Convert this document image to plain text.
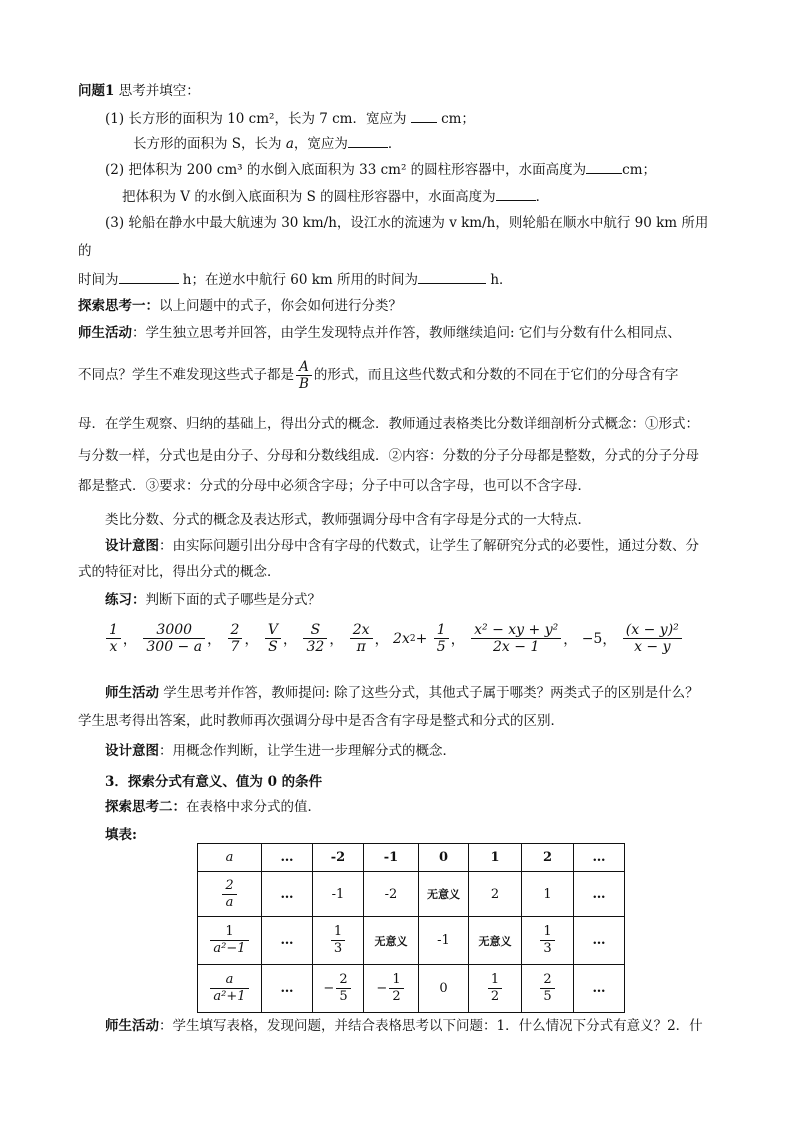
问题1 思考并填空：
(1) 长方形的面积为 10 cm²，长为 7 cm．宽应为  cm；
长方形的面积为 S，长为 a，宽应为	．
(2) 把体积为 200 cm³ 的水倒入底面积为 33 cm² 的圆柱形容器中，水面高度为	cm；
把体积为 V 的水倒入底面积为 S 的圆柱形容器中，水面高度为	．
(3) 轮船在静水中最大航速为 30 km/h，设江水的流速为 v km/h，则轮船在顺水中航行 90 km 所用
的
时间为	h；在逆水中航行 60 km 所用的时间为	h．
探索思考一：以上问题中的式子，你会如何进行分类？
师生活动：学生独立思考并回答，由学生发现特点并作答，教师继续追问: 它们与分数有什么相同点、
不同点？学生不难发现这些式子都是 $\frac{A}{B}$ 的形式，而且这些代数式和分数的不同在于它们的分母含有字
母．在学生观察、归纳的基础上，得出分式的概念．教师通过表格类比分数详细剖析分式概念：①形式：
与分数一样，分式也是由分子、分母和分数线组成．②内容：分数的分子分母都是整数，分式的分子分母
都是整式．③要求：分式的分母中必须含字母；分子中可以含字母，也可以不含字母．
类比分数、分式的概念及表达形式，教师强调分母中含有字母是分式的一大特点．
设计意图：由实际问题引出分母中含有字母的代数式，让学生了解研究分式的必要性，通过分数、分
式的特征对比，得出分式的概念．
练习：判断下面的式子哪些是分式？
$\frac{1}{x}$ ， $\frac{3000}{300 - a}$ ， $\frac{2}{7}$ ， $\frac{V}{S}$ ， $\frac{S}{32}$ ， $\frac{2x}{\pi}$ ， $2x2+ \frac{1}{5}$ ， $\frac{\text{x² − xy + y²}}{2x - 1}$ ， −5， $\frac{\text{(x − y)²}}{x - y}$
师生活动 学生思考并作答，教师提问: 除了这些分式，其他式子属于哪类？两类式子的区别是什么？
学生思考得出答案，此时教师再次强调分母中是否含有字母是整式和分式的区别．
设计意图：用概念作判断，让学生进一步理解分式的概念．
3．探索分式有意义、值为 0 的条件
探索思考二：在表格中求分式的值．
填表:
a	…	-2	-1	0	1	2	…

$\frac{2}{a}$	…	-1	-2	无意义	2	1	…

$\frac{1}{\text{a²−1}}$	…	$\frac{1}{3}$	无意义	-1	无意义	$\frac{1}{3}$	…

$\frac{a}{\text{a²+1}}$	…	− $\frac{2}{5}$	− $\frac{1}{2}$	0	$\frac{1}{2}$	$\frac{2}{5}$	…
师生活动：学生填写表格，发现问题，并结合表格思考以下问题：1．什么情况下分式有意义？2．什
